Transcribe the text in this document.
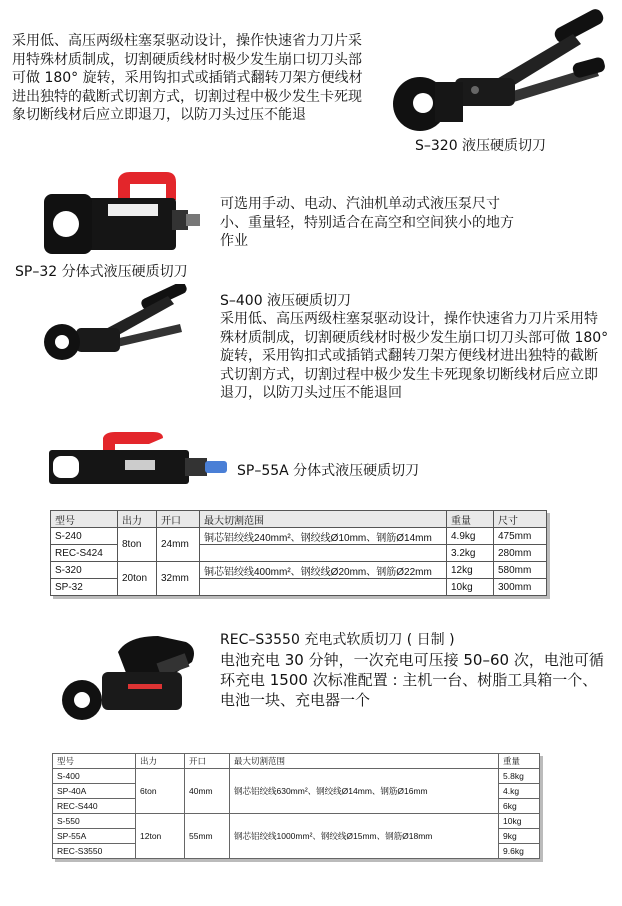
采用低、高压两级柱塞泵驱动设计，操作快速省力刀片采用特殊材质制成，切割硬质线材时极少发生崩口切刀头部可做 180° 旋转，采用钩扣式或插销式翻转刀架方便线材进出独特的截断式切割方式，切割过程中极少发生卡死现象切断线材后应立即退刀，以防刀头过压不能退

S–320 液压硬质切刀

可选用手动、电动、汽油机单动式液压泵尺寸小、重量轻，特别适合在高空和空间狭小的地方作业

SP–32 分体式液压硬质切刀
S–400 液压硬质切刀

采用低、高压两级柱塞泵驱动设计，操作快速省力刀片采用特殊材质制成，切割硬质线材时极少发生崩口切刀头部可做 180° 旋转，采用钩扣式或插销式翻转刀架方便线材进出独特的截断式切割方式，切割过程中极少发生卡死现象切断线材后应立即退刀，以防刀头过压不能退回

SP–55A 分体式液压硬质切刀
型号	出力	开口	最大切割范围	重量	尺寸
S-240	8ton	24mm	铜芯铝绞线240mm²、钢绞线Ø10mm、钢筋Ø14mm	4.9kg	475mm
REC-S424				3.2kg	280mm
S-320	20ton	32mm	铜芯铝绞线400mm²、钢绞线Ø20mm、钢筋Ø22mm	12kg	580mm
SP-32				10kg	300mm
REC–S3550 充电式软质切刀 ( 日制 )

电池充电 30 分钟，一次充电可压接 50–60 次，电池可循环充电 1500 次标准配置 : 主机一台、树脂工具箱一个、电池一块、充电器一个

型号	出力	开口	最大切割范围	重量
S-400	6ton	40mm	钢芯铝绞线630mm²、钢绞线Ø14mm、钢筋Ø16mm	5.8kg
SP-40A				4.kg
REC-S440				6kg
S-550	12ton	55mm	钢芯铝绞线1000mm²、钢绞线Ø15mm、钢筋Ø18mm	10kg
SP-55A				9kg
REC-S3550				9.6kg
